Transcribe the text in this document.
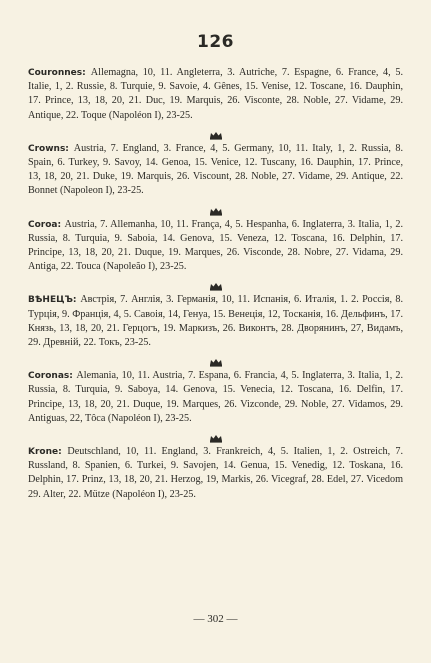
126

Couronnes: Allemagna, 10, 11. Angleterra, 3. Autriche, 7. Espagne, 6. France, 4, 5. Italie, 1, 2. Russie, 8. Turquie, 9. Savoie, 4. Gênes, 15. Venise, 12. Toscane, 16. Dauphin, 17. Prince, 13, 18, 20, 21. Duc, 19. Marquis, 26. Visconte, 28. Noble, 27. Vidame, 29. Antique, 22. Toque (Napoléon I), 23-25.

Crowns: Austria, 7. England, 3. France, 4, 5. Germany, 10, 11. Italy, 1, 2. Russia, 8. Spain, 6. Turkey, 9. Savoy, 14. Genoa, 15. Venice, 12. Tuscany, 16. Dauphin, 17. Prince, 13, 18, 20, 21. Duke, 19. Marquis, 26. Viscount, 28. Noble, 27. Vidame, 29. Antique, 22. Bonnet (Napoleon I), 23-25.

Coroa: Austria, 7. Allemanha, 10, 11. França, 4, 5. Hespanha, 6. Inglaterra, 3. Italia, 1, 2. Russia, 8. Turquia, 9. Saboia, 14. Genova, 15. Veneza, 12. Toscana, 16. Delphin, 17. Principe, 13, 18, 20, 21. Duque, 19. Marques, 26. Visconde, 28. Nobre, 27. Vidama, 29. Antiga, 22. Touca (Napoleão I), 23-25.

ВѢНЕЦЪ: Австрія, 7. Англія, 3. Германія, 10, 11. Испанія, 6. Италія, 1. 2. Россія, 8. Турція, 9. Франція, 4, 5. Савоія, 14, Генуа, 15. Венеція, 12, Тосканія, 16. Дельфинъ, 17. Князь, 13, 18, 20, 21. Герцогъ, 19. Маркизъ, 26. Виконтъ, 28. Дворянинъ, 27, Видамъ, 29. Древній, 22. Токъ, 23-25.

Coronas: Alemania, 10, 11. Austria, 7. Espana, 6. Francia, 4, 5. Inglaterra, 3. Italia, 1, 2. Russia, 8. Turquia, 9. Saboya, 14. Genova, 15. Venecia, 12. Toscana, 16. Delfin, 17. Principe, 13, 18, 20, 21. Duque, 19. Marques, 26. Vizconde, 29. Noble, 27. Vidamos, 29. Antiguas, 22, Tôca (Napoléon I), 23-25.

Krone: Deutschland, 10, 11. England, 3. Frankreich, 4, 5. Italien, 1, 2. Ostreich, 7. Russland, 8. Spanien, 6. Turkei, 9. Savojen, 14. Genua, 15. Venedig, 12. Toskana, 16. Delphin, 17. Prinz, 13, 18, 20, 21. Herzog, 19, Markis, 26. Vicegraf, 28. Edel, 27. Vicedom 29. Alter, 22. Mütze (Napoléon I), 23-25.

— 302 —
